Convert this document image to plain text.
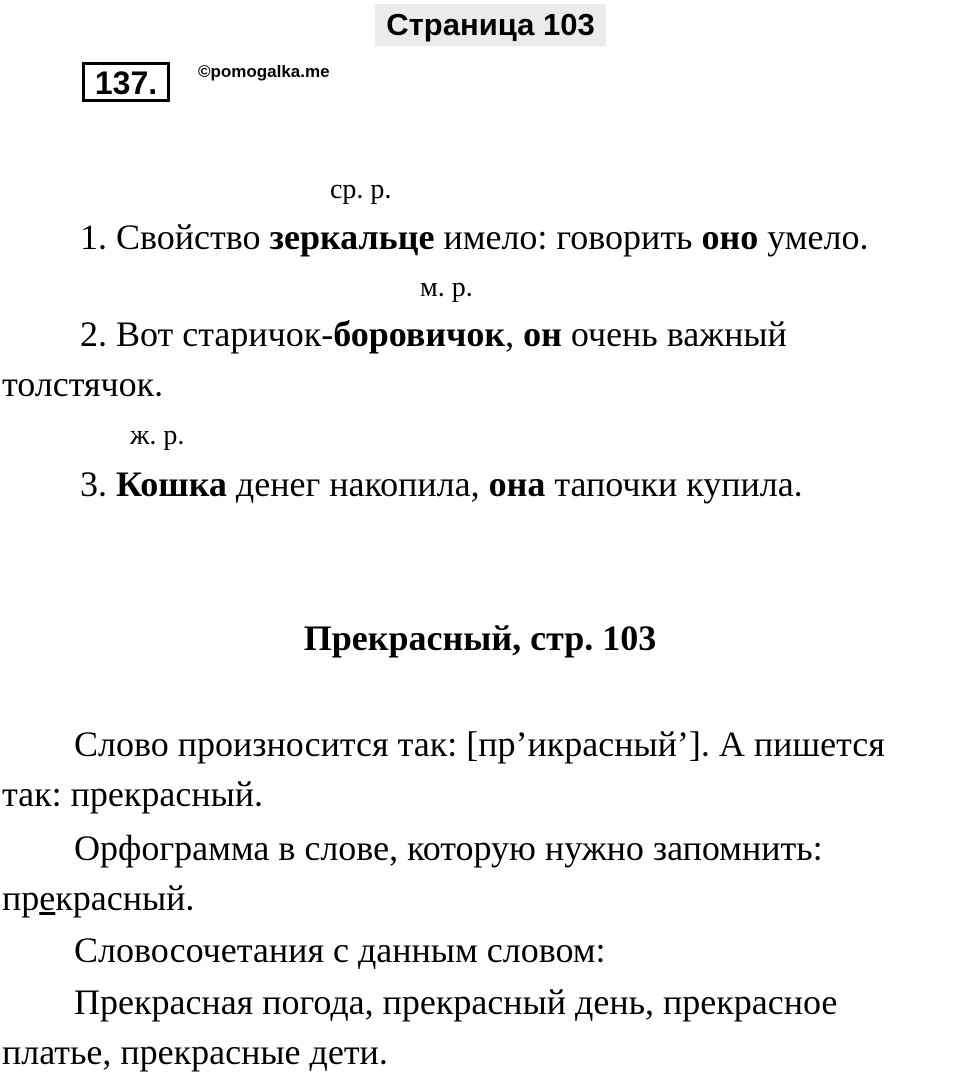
Страница 103
137.	©pomogalka.me
ср. р.
1. Свойство зеркальце имело: говорить оно умело.
м. р.
2. Вот старичок-боровичок, он очень важный
толстячок.
ж. р.
3. Кошка денег накопила, она тапочки купила.
Прекрасный, стр. 103
Слово произносится так: [пр’икрасный’]. А пишется
так: прекрасный.
Орфограмма в слове, которую нужно запомнить:
прекрасный.
Словосочетания с данным словом:
Прекрасная погода, прекрасный день, прекрасное
платье, прекрасные дети.
